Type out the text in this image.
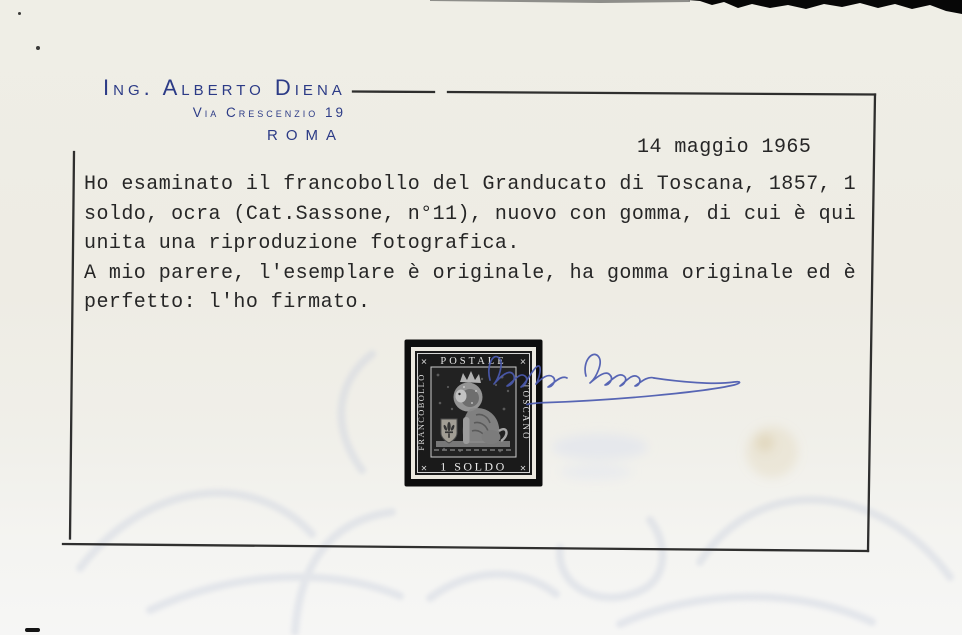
Ing. Alberto Diena
Via Crescenzio 19
ROMA
14 maggio 1965
Ho esaminato il francobollo del Granducato di Toscana, 1857, 1
soldo, ocra (Cat.Sassone, n°11), nuovo con gomma, di cui è qui
unita una riproduzione fotografica.
A mio parere, l'esemplare è originale, ha gomma originale ed è
perfetto: l'ho firmato.
POSTALE
1 SOLDO
FRANCOBOLLO	TOSCANO
✕	✕
✕	✕
